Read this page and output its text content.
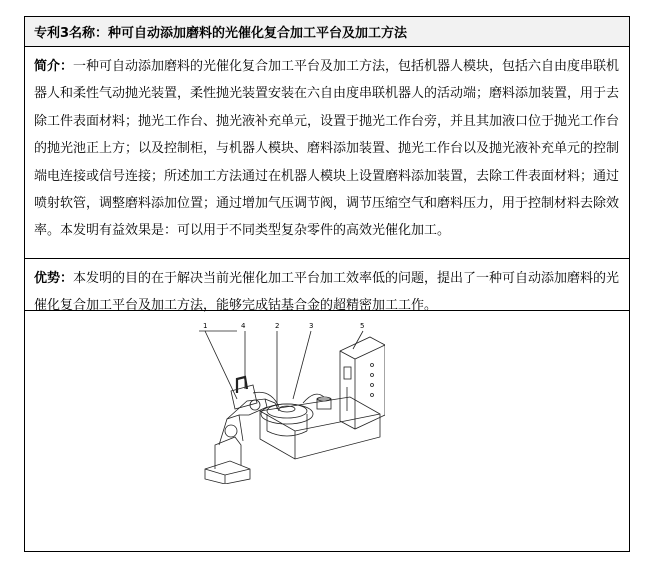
专利3名称： 种可自动添加磨料的光催化复合加工平台及加工方法
简介：一种可自动添加磨料的光催化复合加工平台及加工方法，包括机器人模块，包括六自由度串联机器人和柔性气动抛光装置，柔性抛光装置安装在六自由度串联机器人的活动端；磨料添加装置，用于去除工件表面材料；抛光工作台、抛光液补充单元，设置于抛光工作台旁，并且其加液口位于抛光工作台的抛光池正上方；以及控制柜，与机器人模块、磨料添加装置、抛光工作台以及抛光液补充单元的控制端电连接或信号连接；所述加工方法通过在机器人模块上设置磨料添加装置，去除工件表面材料；通过喷射软管，调整磨料添加位置；通过增加气压调节阀，调节压缩空气和磨料压力，用于控制材料去除效率。本发明有益效果是：可以用于不同类型复杂零件的高效光催化加工。
优势：本发明的目的在于解决当前光催化加工平台加工效率低的问题，提出了一种可自动添加磨料的光催化复合加工平台及加工方法，能够完成钴基合金的超精密加工工作。
1	4	2	3	5
